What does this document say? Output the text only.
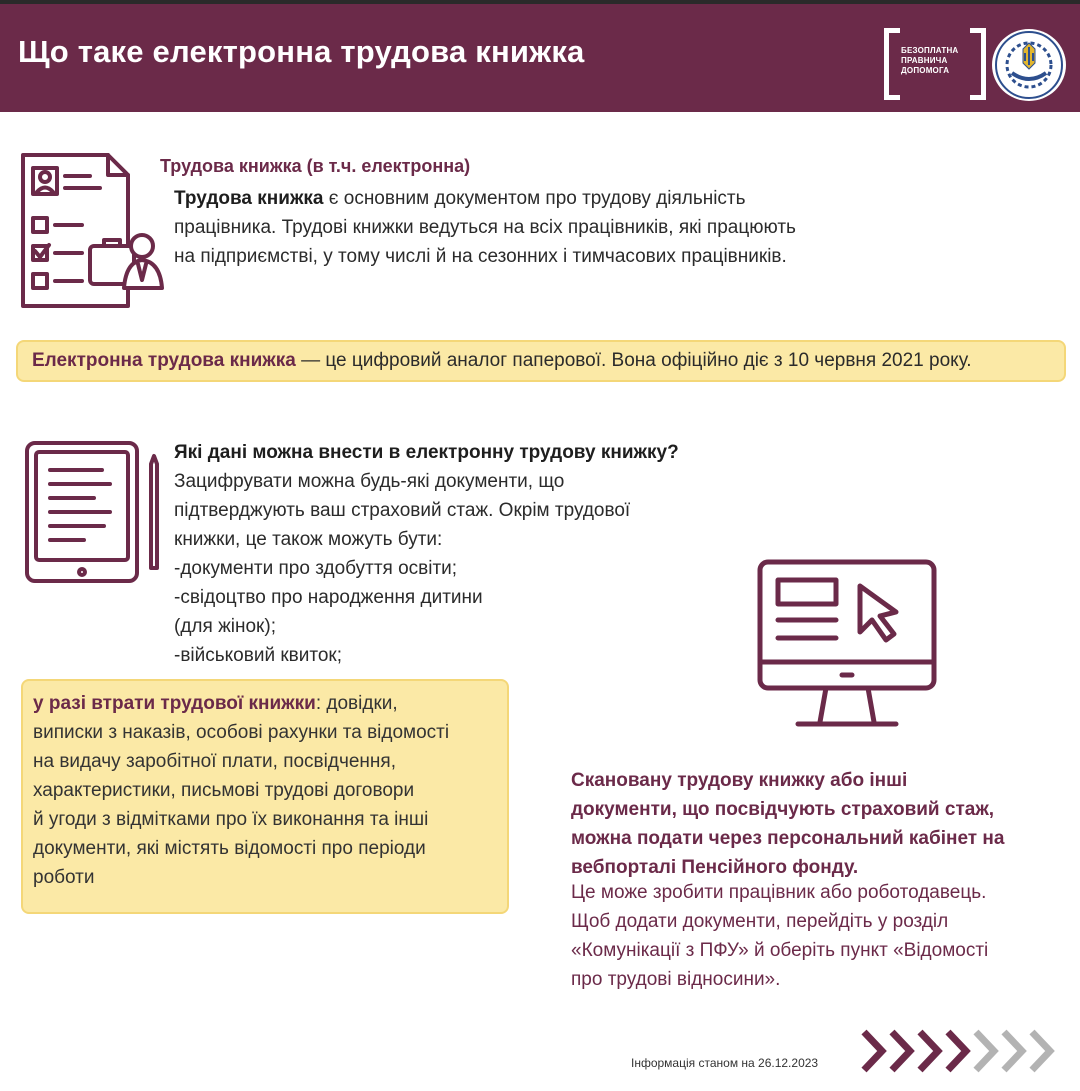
Що таке електронна трудова книжка	БЕЗОПЛАТНА
ПРАВНИЧА
ДОПОМОГА
Трудова книжка (в т.ч. електронна)
Трудова книжка є основним документом про трудову діяльність
працівника. Трудові книжки ведуться на всіх працівників, які працюють
на підприємстві, у тому числі й на сезонних і тимчасових працівників.
Електронна трудова книжка — це цифровий аналог паперової. Вона офіційно діє з 10 червня 2021 року.
Які дані можна внести в електронну трудову книжку?
Зацифрувати можна будь-які документи, що
підтверджують ваш страховий стаж. Окрім трудової
книжки, це також можуть бути:
-документи про здобуття освіти;
-свідоцтво про народження дитини
(для жінок);
-військовий квиток;
у разі втрати трудової книжки: довідки,
виписки з наказів, особові рахунки та відомості
на видачу заробітної плати, посвідчення,
характеристики, письмові трудові договори
й угоди з відмітками про їх виконання та інші
документи, які містять відомості про періоди
роботи
Скановану трудову книжку або інші
документи, що посвідчують страховий стаж,
можна подати через персональний кабінет на
вебпорталі Пенсійного фонду.
Це може зробити працівник або роботодавець.
Щоб додати документи, перейдіть у розділ
«Комунікації з ПФУ» й оберіть пункт «Відомості
про трудові відносини».
Інформація станом на 26.12.2023
